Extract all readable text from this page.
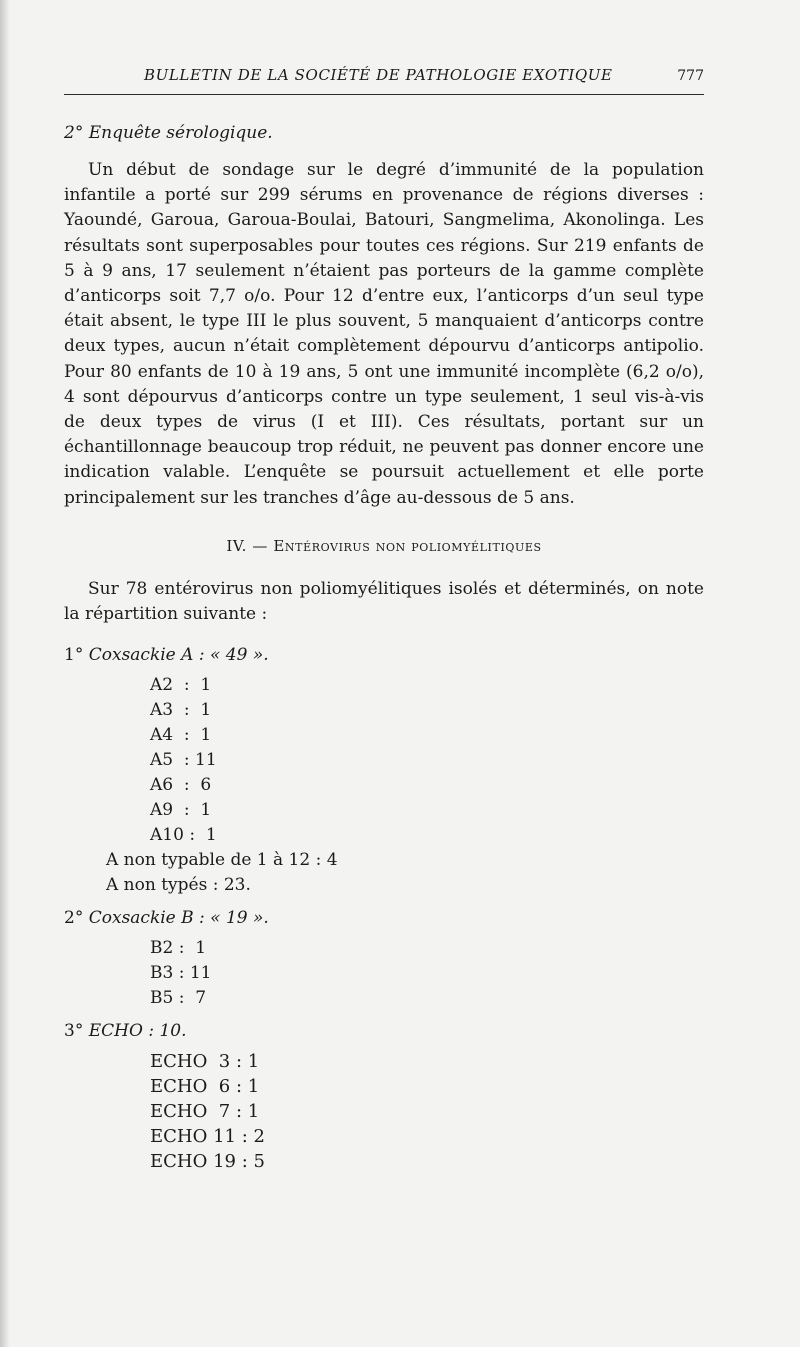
BULLETIN DE LA SOCIÉTÉ DE PATHOLOGIE EXOTIQUE	777
2° Enquête sérologique.

Un début de sondage sur le degré d’immunité de la population infantile a porté sur 299 sérums en provenance de régions diverses : Yaoundé, Garoua, Garoua-Boulai, Batouri, Sangmelima, Akonolinga. Les résultats sont superposables pour toutes ces régions. Sur 219 enfants de 5 à 9 ans, 17 seulement n’étaient pas porteurs de la gamme complète d’anticorps soit 7,7 o/o. Pour 12 d’entre eux, l’anticorps d’un seul type était absent, le type III le plus souvent, 5 manquaient d’anticorps contre deux types, aucun n’était complètement dépourvu d’anticorps antipolio. Pour 80 enfants de 10 à 19 ans, 5 ont une immunité incomplète (6,2 o/o), 4 sont dépourvus d’anticorps contre un type seulement, 1 seul vis-à-vis de deux types de virus (I et III). Ces résultats, portant sur un échantillonnage beaucoup trop réduit, ne peuvent pas donner encore une indication valable. L’enquête se poursuit actuellement et elle porte principalement sur les tranches d’âge au-dessous de 5 ans.

IV. — Entérovirus non poliomyélitiques

Sur 78 entérovirus non poliomyélitiques isolés et déterminés, on note la répartition suivante :

1° Coxsackie A : « 49 ».
A2  :  1
A3  :  1
A4  :  1
A5  : 11
A6  :  6
A9  :  1
A10 :  1
A non typable de 1 à 12 : 4
A non typés : 23.
2° Coxsackie B : « 19 ».
B2 :  1
B3 : 11
B5 :  7
3° ECHO : 10.
ECHO  3 : 1
ECHO  6 : 1
ECHO  7 : 1
ECHO 11 : 2
ECHO 19 : 5
